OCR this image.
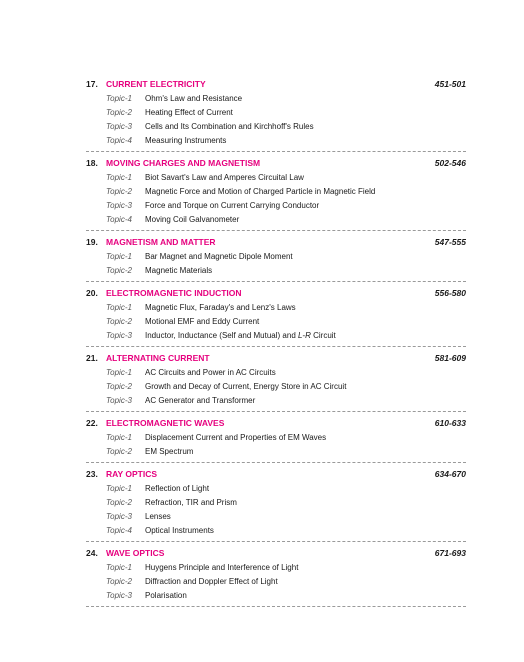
17. CURRENT ELECTRICITY	451-501
Topic-1	Ohm's Law and Resistance
Topic-2	Heating Effect of Current
Topic-3	Cells and Its Combination and Kirchhoff's Rules
Topic-4	Measuring Instruments
18. MOVING CHARGES AND MAGNETISM	502-546
Topic-1	Biot Savart's Law and Amperes Circuital Law
Topic-2	Magnetic Force and Motion of Charged Particle in Magnetic Field
Topic-3	Force and Torque on Current Carrying Conductor
Topic-4	Moving Coil Galvanometer
19. MAGNETISM AND MATTER	547-555
Topic-1	Bar Magnet and Magnetic Dipole Moment
Topic-2	Magnetic Materials
20. ELECTROMAGNETIC INDUCTION	556-580
Topic-1	Magnetic Flux, Faraday's and Lenz's Laws
Topic-2	Motional EMF and Eddy Current
Topic-3	Inductor, Inductance (Self and Mutual) and L-R Circuit
21. ALTERNATING CURRENT	581-609
Topic-1	AC Circuits and Power in AC Circuits
Topic-2	Growth and Decay of Current, Energy Store in AC Circuit
Topic-3	AC Generator and Transformer
22. ELECTROMAGNETIC WAVES	610-633
Topic-1	Displacement Current and Properties of EM Waves
Topic-2	EM Spectrum
23. RAY OPTICS	634-670
Topic-1	Reflection of Light
Topic-2	Refraction, TIR and Prism
Topic-3	Lenses
Topic-4	Optical Instruments
24. WAVE OPTICS	671-693
Topic-1	Huygens Principle and Interference of Light
Topic-2	Diffraction and Doppler Effect of Light
Topic-3	Polarisation
